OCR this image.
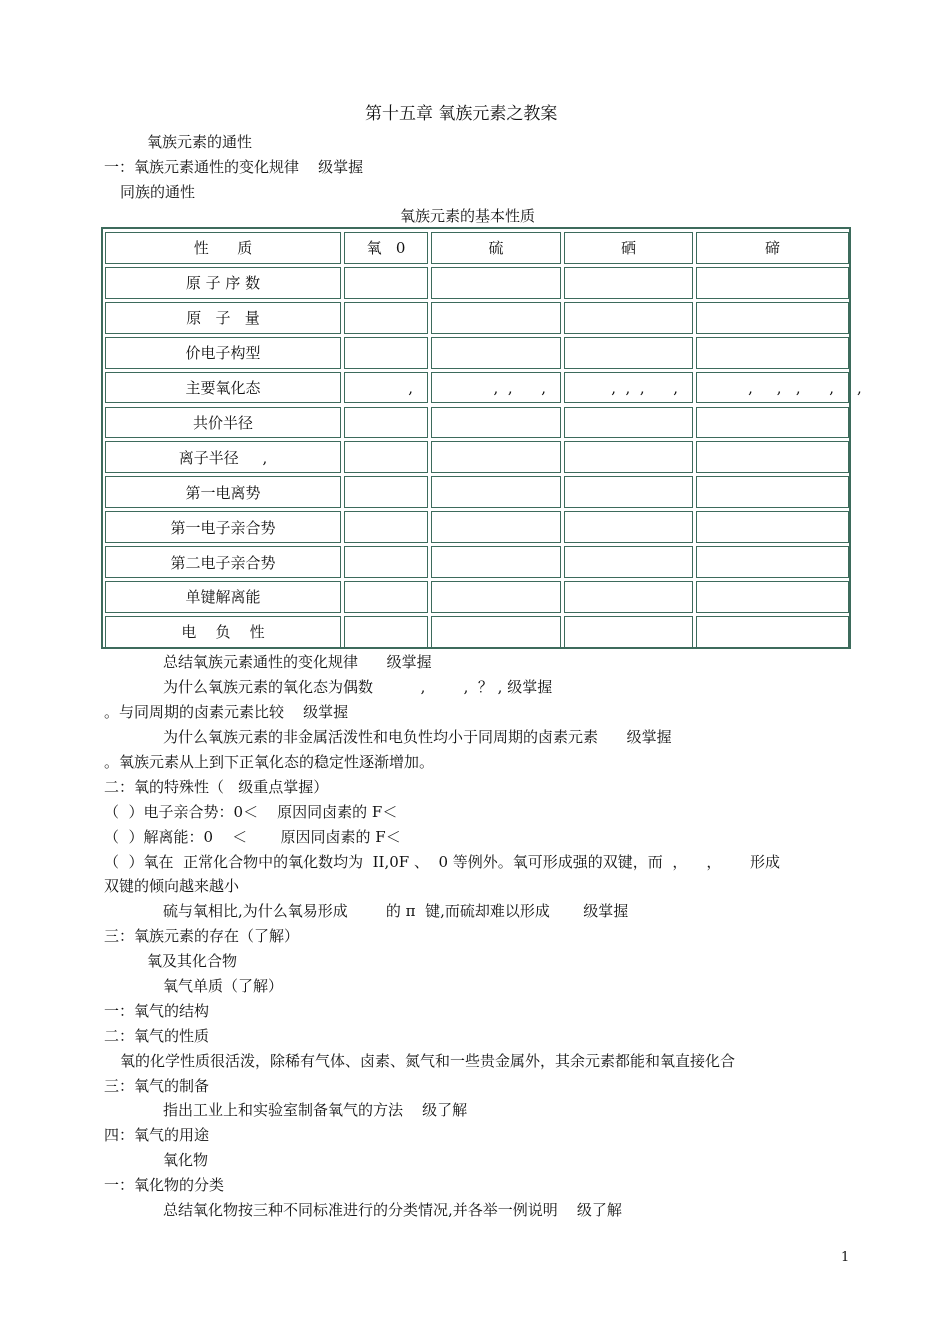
第十五章 氧族元素之教案
氧族元素的通性
一：氧族元素通性的变化规律    级掌握
同族的通性
氧族元素的基本性质
性      质	氧   0	硫	硒	碲
原 子 序 数
原   子   量
价电子构型
主要氧化态	,	,  ,      ,	,  ,  ,      ,	,     ,   ,      ,
共价半径
离子半径     ,
第一电离势
第一电子亲合势
第二电子亲合势
单键解离能
电    负    性
,
总结氧族元素通性的变化规律      级掌握
为什么氧族元素的氧化态为偶数          ,        ,  ？ , 级掌握
。与同周期的卤素元素比较    级掌握
为什么氧族元素的非金属活泼性和电负性均小于同周期的卤素元素      级掌握
。氧族元素从上到下正氧化态的稳定性逐渐增加。
二：氧的特殊性（   级重点掌握）
（  ）电子亲合势：0＜    原因同卤素的 F＜
（  ）解离能：0    ＜       原因同卤素的 F＜
（  ）氧在  正常化合物中的氧化数均为  II,0F 、  0 等例外。氧可形成强的双键，而  ，    ，      形成
双键的倾向越来越小
硫与氧相比,为什么氧易形成        的 π  键,而硫却难以形成       级掌握
三：氧族元素的存在（了解）
氧及其化合物
氧气单质（了解）
一：氧气的结构
二：氧气的性质
氧的化学性质很活泼，除稀有气体、卤素、氮气和一些贵金属外，其余元素都能和氧直接化合
三：氧气的制备
指出工业上和实验室制备氧气的方法    级了解
四：氧气的用途
氧化物
一：氧化物的分类
总结氧化物按三种不同标准进行的分类情况,并各举一例说明    级了解
1
